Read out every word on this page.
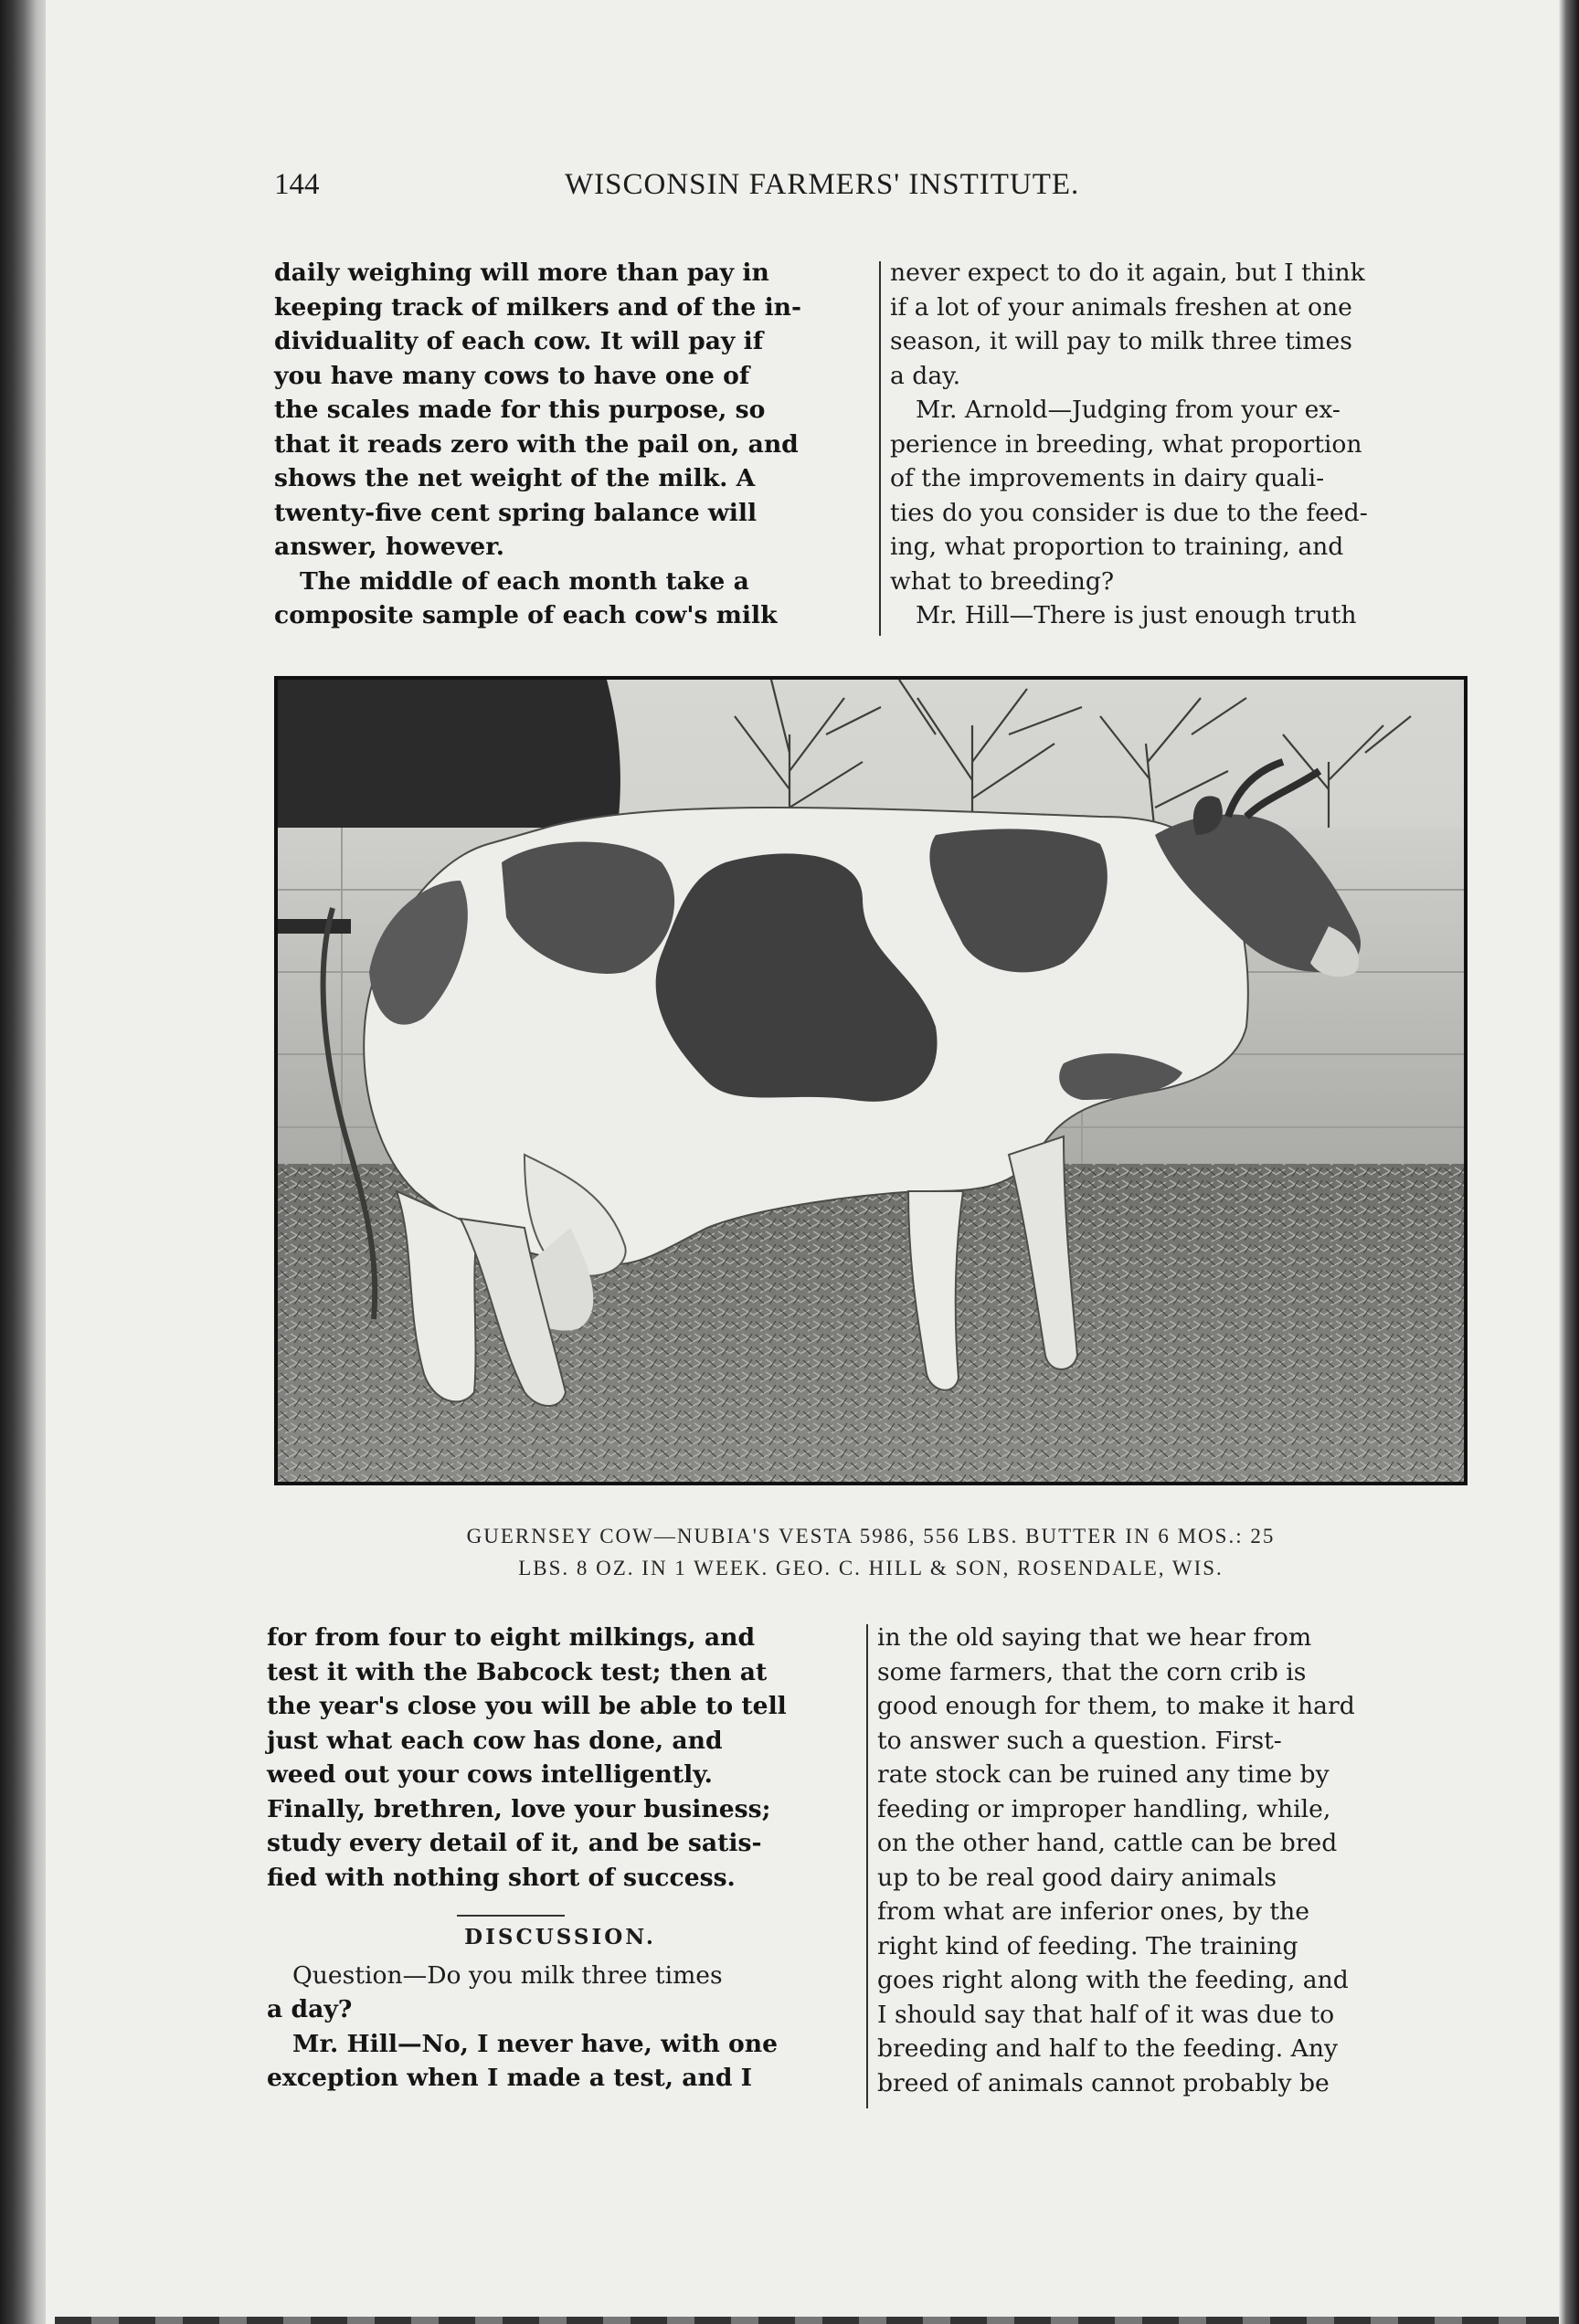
144	WISCONSIN FARMERS' INSTITUTE.

daily weighing will more than pay in
keeping track of milkers and of the in-
dividuality of each cow. It will pay if
you have many cows to have one of
the scales made for this purpose, so
that it reads zero with the pail on, and
shows the net weight of the milk. A
twenty-five cent spring balance will
answer, however.

The middle of each month take a
composite sample of each cow's milk

never expect to do it again, but I think
if a lot of your animals freshen at one
season, it will pay to milk three times
a day.

Mr. Arnold—Judging from your ex-
perience in breeding, what proportion
of the improvements in dairy quali-
ties do you consider is due to the feed-
ing, what proportion to training, and
what to breeding?

Mr. Hill—There is just enough truth

GUERNSEY COW—NUBIA'S VESTA 5986, 556 LBS. BUTTER IN 6 MOS.: 25
LBS. 8 OZ. IN 1 WEEK. GEO. C. HILL & SON, ROSENDALE, WIS.

for from four to eight milkings, and
test it with the Babcock test; then at
the year's close you will be able to tell
just what each cow has done, and
weed out your cows intelligently.
Finally, brethren, love your business;
study every detail of it, and be satis-
fied with nothing short of success.

DISCUSSION.

Question—Do you milk three times
a day?

Mr. Hill—No, I never have, with one
exception when I made a test, and I

in the old saying that we hear from
some farmers, that the corn crib is
good enough for them, to make it hard
to answer such a question. First-
rate stock can be ruined any time by
feeding or improper handling, while,
on the other hand, cattle can be bred
up to be real good dairy animals
from what are inferior ones, by the
right kind of feeding. The training
goes right along with the feeding, and
I should say that half of it was due to
breeding and half to the feeding. Any
breed of animals cannot probably be
